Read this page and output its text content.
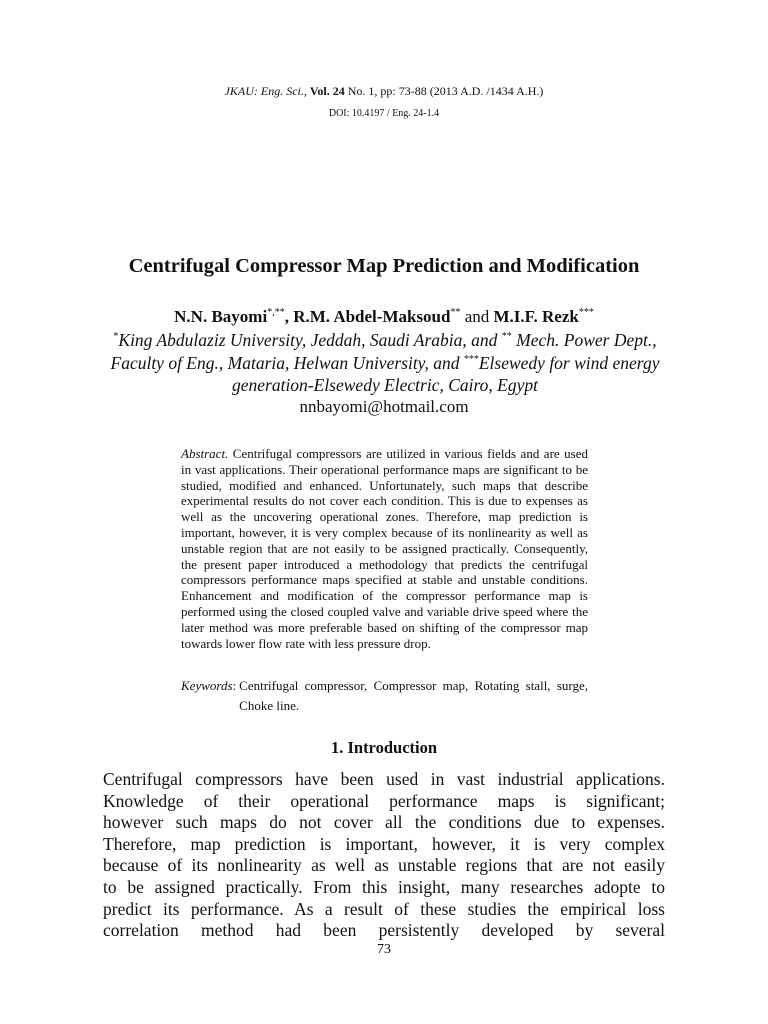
JKAU: Eng. Sci., Vol. 24 No. 1, pp: 73-88 (2013 A.D. /1434 A.H.)
DOI: 10.4197 / Eng. 24-1.4
Centrifugal Compressor Map Prediction and Modification
N.N. Bayomi*,**, R.M. Abdel-Maksoud** and M.I.F. Rezk***
*King Abdulaziz University, Jeddah, Saudi Arabia, and ** Mech. Power Dept., Faculty of Eng., Mataria, Helwan University, and ***Elsewedy for wind energy generation-Elsewedy Electric, Cairo, Egypt
nnbayomi@hotmail.com
Abstract. Centrifugal compressors are utilized in various fields and are used in vast applications. Their operational performance maps are significant to be studied, modified and enhanced. Unfortunately, such maps that describe experimental results do not cover each condition. This is due to expenses as well as the uncovering operational zones. Therefore, map prediction is important, however, it is very complex because of its nonlinearity as well as unstable region that are not easily to be assigned practically. Consequently, the present paper introduced a methodology that predicts the centrifugal compressors performance maps specified at stable and unstable conditions. Enhancement and modification of the compressor performance map is performed using the closed coupled valve and variable drive speed where the later method was more preferable based on shifting of the compressor map towards lower flow rate with less pressure drop.
Keywords: Centrifugal compressor, Compressor map, Rotating stall, surge, Choke line.
1. Introduction
Centrifugal compressors have been used in vast industrial applications.
Knowledge of their operational performance maps is significant;
however such maps do not cover all the conditions due to expenses.
Therefore, map prediction is important, however, it is very complex
because of its nonlinearity as well as unstable regions that are not easily
to be assigned practically. From this insight, many researches adopte to
predict its performance. As a result of these studies the empirical loss
correlation method had been persistently developed by several
73
